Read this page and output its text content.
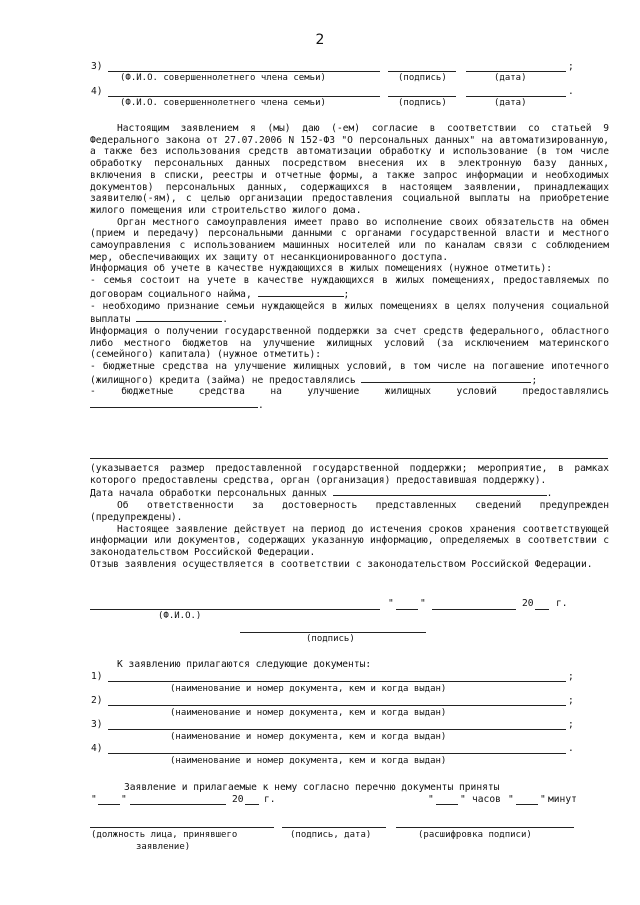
2
3)	;
(Ф.И.О. совершеннолетнего члена семьи)	(подпись)	(дата)
4)	.
(Ф.И.О. совершеннолетнего члена семьи)	(подпись)	(дата)

Настоящим заявлением я (мы) даю (-ем) согласие в соответствии со статьей 9 Федерального закона от 27.07.2006 N 152-ФЗ "О персональных данных" на автоматизированную, а также без использования средств автоматизации обработку и использование (в том числе обработку персональных данных посредством внесения их в электронную базу данных, включения в списки, реестры и отчетные формы, а также запрос информации и необходимых документов) персональных данных, содержащихся в настоящем заявлении, принадлежащих заявителю(-ям), с целью организации предоставления социальной выплаты на приобретение жилого помещения или строительство жилого дома.

Орган местного самоуправления имеет право во исполнение своих обязательств на обмен (прием и передачу) персональными данными с органами государственной власти и местного самоуправления с использованием машинных носителей или по каналам связи с соблюдением мер, обеспечивающих их защиту от несанкционированного доступа.

Информация об учете в качестве нуждающихся в жилых помещениях (нужное отметить):

- семья состоит на учете в качестве нуждающихся в жилых помещениях, предоставляемых по договорам социального найма,	;

- необходимо признание семьи нуждающейся в жилых помещениях в целях получения социальной выплаты	.

Информация о получении государственной поддержки за счет средств федерального, областного либо местного бюджетов на улучшение жилищных условий (за исключением материнского (семейного) капитала) (нужное отметить):

- бюджетные средства на улучшение жилищных условий, в том числе на погашение ипотечного (жилищного) кредита (займа) не предоставлялись	;

- бюджетные средства на улучшение жилищных условий предоставлялись

.

(указывается размер предоставленной государственной поддержки; мероприятие, в рамках которого предоставлены средства, орган (организация) предоставившая поддержку).

Дата начала обработки персональных данных	.

Об ответственности за достоверность представленных сведений предупрежден (предупреждены).

Настоящее заявление действует на период до истечения сроков хранения соответствующей информации или документов, содержащих указанную информацию, определяемых в соответствии с законодательством Российской Федерации.

Отзыв заявления осуществляется в соответствии с законодательством Российской Федерации.

"	"	20 г.
(Ф.И.О.)
(подпись)
К заявлению прилагаются следующие документы:
1)	;
(наименование и номер документа, кем и когда выдан)
2)	;
(наименование и номер документа, кем и когда выдан)
3)	;
(наименование и номер документа, кем и когда выдан)
4)	.
(наименование и номер документа, кем и когда выдан)
Заявление и прилагаемые к нему согласно перечню документы приняты
"	"	20 г.	"	" часов "	" минут
(должность лица, принявшего
заявление)
(подпись, дата)	(расшифровка подписи)
